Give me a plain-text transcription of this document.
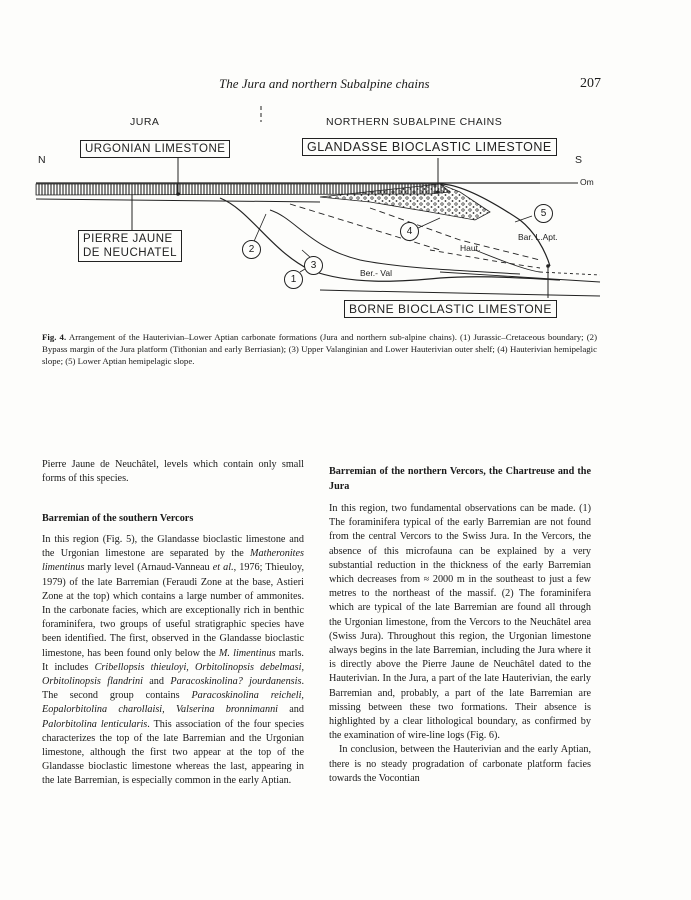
The Jura and northern Subalpine chains	207
JURA	NORTHERN SUBALPINE CHAINS
N	S
Om
URGONIAN LIMESTONE	GLANDASSE BIOCLASTIC LIMESTONE
PIERRE JAUNE
DE NEUCHATEL	Haut.
Bar. L.Apt.
Ber.- Val
BORNE BIOCLASTIC LIMESTONE
1
2
3
4
5
Fig. 4. Arrangement of the Hauterivian–Lower Aptian carbonate formations (Jura and northern sub-alpine chains). (1) Jurassic–Cretaceous boundary; (2) Bypass margin of the Jura platform (Tithonian and early Berriasian); (3) Upper Valanginian and Lower Hauterivian outer shelf; (4) Hauterivian hemipelagic slope; (5) Lower Aptian hemipelagic slope.

Pierre Jaune de Neuchâtel, levels which contain only small forms of this species.

Barremian of the southern Vercors

In this region (Fig. 5), the Glandasse bioclastic limestone and the Urgonian limestone are separated by the Matheronites limentinus marly level (Arnaud-Vanneau et al., 1976; Thieuloy, 1979) of the late Barremian (Feraudi Zone at the base, Astieri Zone at the top) which contains a large number of ammonites. In the carbonate facies, which are exceptionally rich in benthic foraminifera, two groups of useful stratigraphic species have been identified. The first, observed in the Glandasse bioclastic limestone, has been found only below the M. limentinus marls. It includes Cribellopsis thieuloyi, Orbitolinopsis debelmasi, Orbitolinopsis flandrini and Paracoskinolina? jourdanensis. The second group contains Paracoskinolina reicheli, Eopalorbitolina charollaisi, Valserina bronnimanni and Palorbitolina lenticularis. This association of the four species characterizes the top of the late Barremian and the Urgonian limestone, although the first two appear at the top of the Glandasse bioclastic limestone whereas the last, appearing in the late Barremian, is especially common in the early Aptian.

Barremian of the northern Vercors, the Chartreuse and the Jura

In this region, two fundamental observations can be made. (1) The foraminifera typical of the early Barremian are not found from the central Vercors to the Swiss Jura. In the Vercors, the absence of this microfauna can be explained by a very substantial reduction in the thickness of the early Barremian which decreases from ≈ 2000 m in the southeast to just a few metres to the northeast of the massif. (2) The foraminifera which are typical of the late Barremian are found all through the Urgonian limestone, from the Vercors to the Neuchâtel area (Swiss Jura). Throughout this region, the Urgonian limestone always begins in the late Barremian, including the Jura where it is directly above the Pierre Jaune de Neuchâtel dated to the Hauterivian. In the Jura, a part of the late Hauterivian, the early Barremian and, probably, a part of the late Barremian are missing between these two formations. Their absence is highlighted by a clear lithological boundary, as confirmed by the examination of wire-line logs (Fig. 6).

In conclusion, between the Hauterivian and the early Aptian, there is no steady progradation of carbonate platform facies towards the Vocontian
